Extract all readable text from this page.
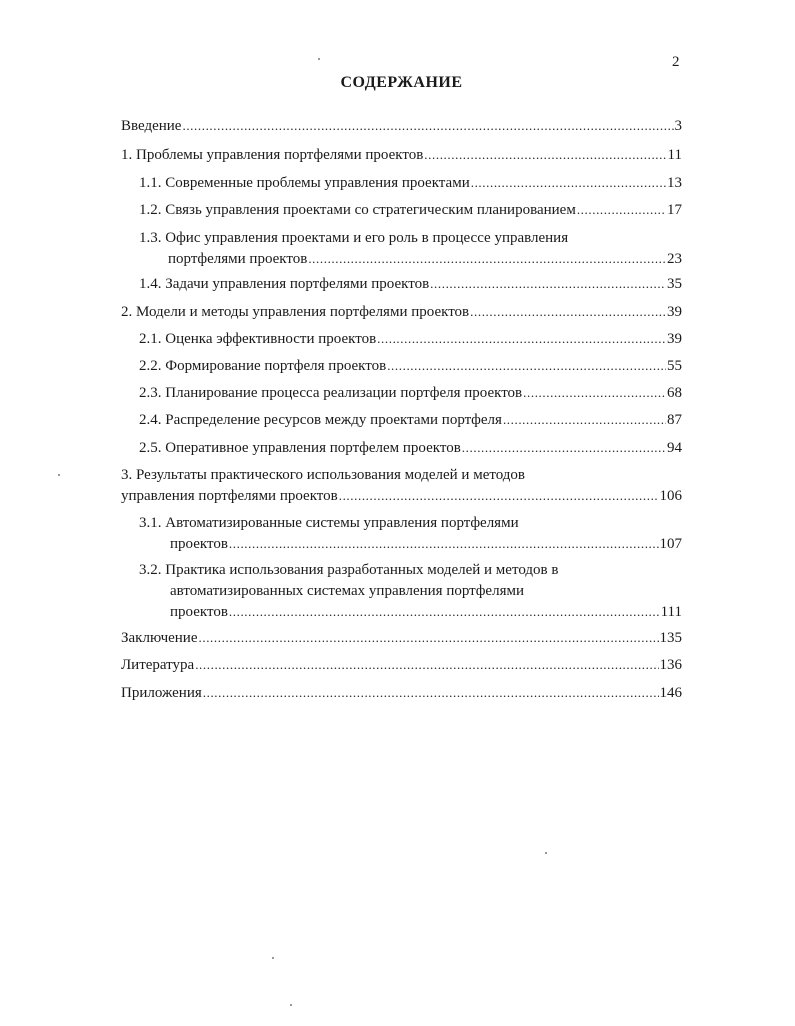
2
СОДЕРЖАНИЕ
Введение .....	3
1. Проблемы управления портфелями проектов .....	11
1.1. Современные проблемы управления проектами .....	13
1.2. Связь управления проектами со стратегическим планированием .....	17
1.3. Офис управления проектами и его роль в процессе управления
портфелями проектов .....	23
1.4. Задачи управления портфелями проектов .....	35
2. Модели и методы управления портфелями проектов .....	39
2.1. Оценка эффективности проектов .....	39
2.2. Формирование портфеля проектов .....	55
2.3. Планирование процесса реализации портфеля проектов .....	68
2.4. Распределение ресурсов между проектами портфеля .....	87
2.5. Оперативное управления портфелем проектов .....	94
3. Результаты практического использования моделей и методов
управления портфелями проектов .....	106
3.1. Автоматизированные системы управления портфелями
проектов .....	107
3.2. Практика использования разработанных моделей и методов в
автоматизированных системах управления портфелями
проектов .....	111
Заключение .....	135
Литература .....	136
Приложения .....	146
